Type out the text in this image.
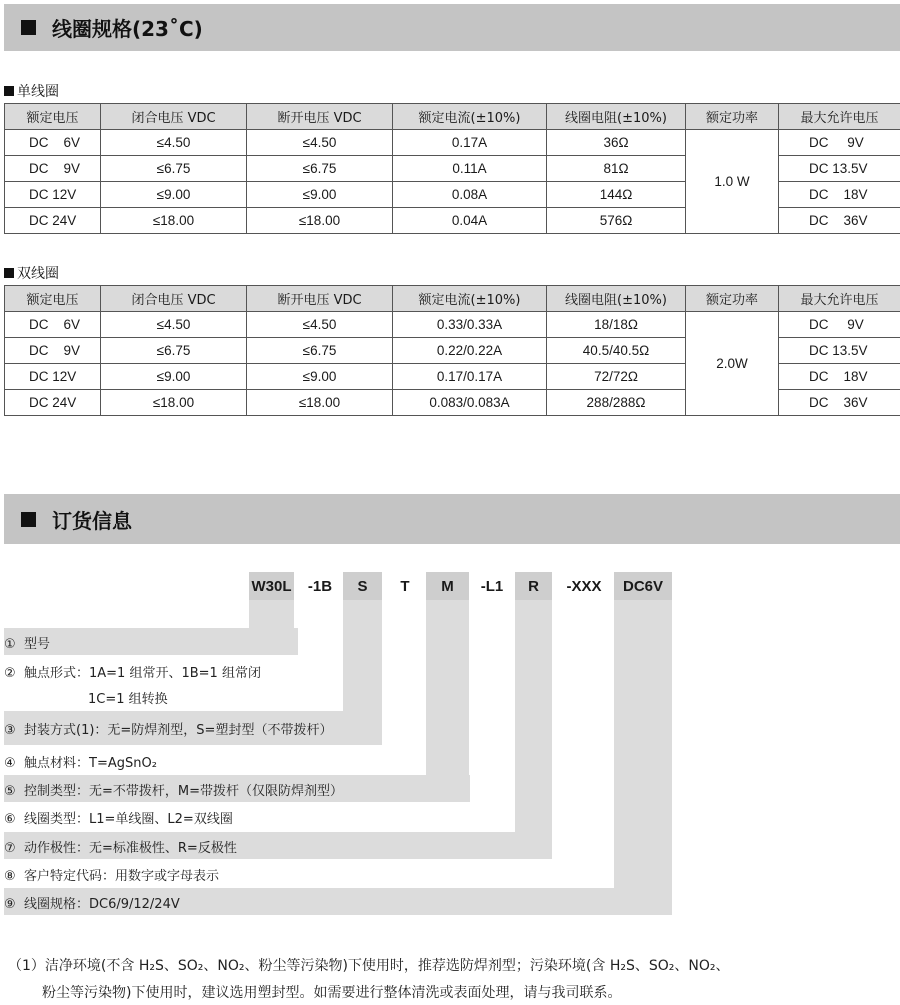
线圈规格(23˚C)
单线圈
额定电压	闭合电压 VDC	断开电压 VDC	额定电流(±10%)	线圈电阻(±10%)	额定功率	最大允许电压
DC    6V	≤4.50	≤4.50	0.17A	36Ω	1.0 W	DC     9V
DC    9V	≤6.75	≤6.75	0.11A	81Ω		DC 13.5V
DC 12V	≤9.00	≤9.00	0.08A	144Ω		DC    18V
DC 24V	≤18.00	≤18.00	0.04A	576Ω		DC    36V
双线圈
额定电压	闭合电压 VDC	断开电压 VDC	额定电流(±10%)	线圈电阻(±10%)	额定功率	最大允许电压
DC    6V	≤4.50	≤4.50	0.33/0.33A	18/18Ω	2.0W	DC     9V
DC    9V	≤6.75	≤6.75	0.22/0.22A	40.5/40.5Ω		DC 13.5V
DC 12V	≤9.00	≤9.00	0.17/0.17A	72/72Ω		DC    18V
DC 24V	≤18.00	≤18.00	0.083/0.083A	288/288Ω		DC    36V
订货信息
W30L	-1B	S	T	M	-L1	R	-XXX	DC6V
① 型号
② 触点形式：1A=1 组常开、1B=1 组常闭
1C=1 组转换
③ 封装方式(1)：无=防焊剂型，S=塑封型（不带拨杆）
④ 触点材料：T=AgSnO₂
⑤ 控制类型：无=不带拨杆，M=带拨杆（仅限防焊剂型）
⑥ 线圈类型：L1=单线圈、L2=双线圈
⑦ 动作极性：无=标准极性、R=反极性
⑧ 客户特定代码：用数字或字母表示
⑨ 线圈规格：DC6/9/12/24V
（1）洁净环境(不含 H₂S、SO₂、NO₂、粉尘等污染物)下使用时，推荐选防焊剂型；污染环境(含 H₂S、SO₂、NO₂、
粉尘等污染物)下使用时，建议选用塑封型。如需要进行整体清洗或表面处理，请与我司联系。
